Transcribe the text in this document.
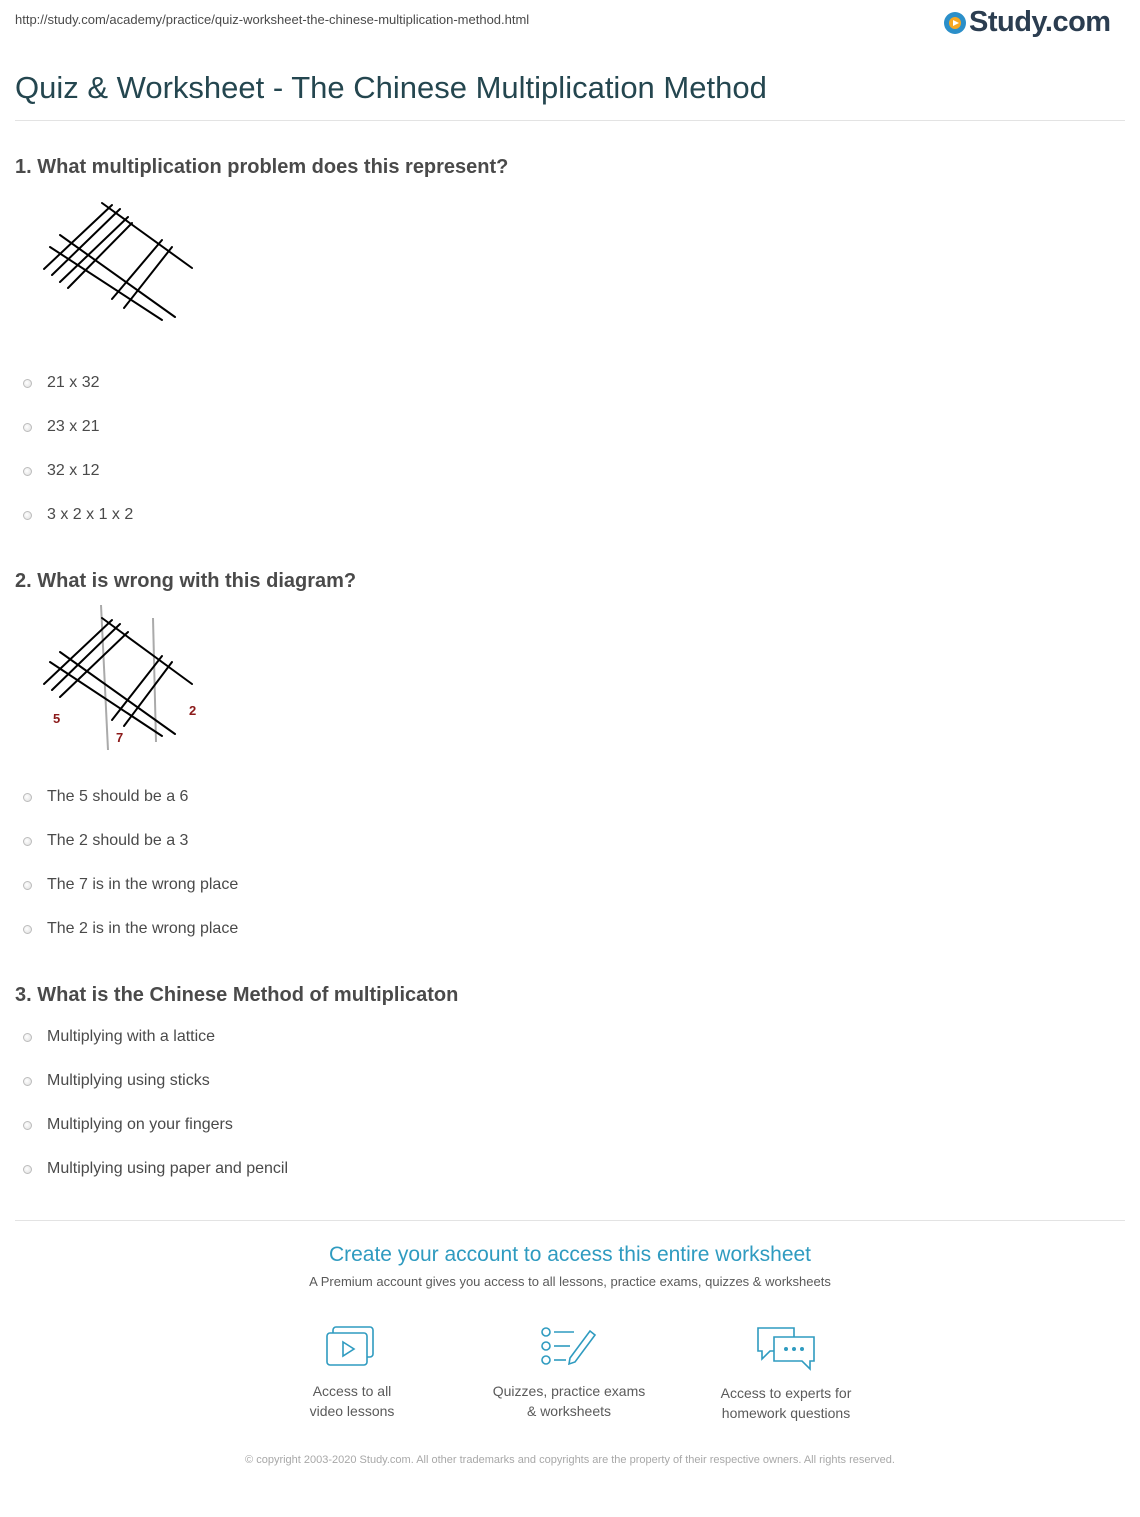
http://study.com/academy/practice/quiz-worksheet-the-chinese-multiplication-method.html	Study.com
Quiz & Worksheet - The Chinese Multiplication Method
1. What multiplication problem does this represent?
21 x 32
23 x 21
32 x 12
3 x 2 x 1 x 2
2. What is wrong with this diagram?
5
7
2
The 5 should be a 6
The 2 should be a 3
The 7 is in the wrong place
The 2 is in the wrong place
3. What is the Chinese Method of multiplicaton
Multiplying with a lattice
Multiplying using sticks
Multiplying on your fingers
Multiplying using paper and pencil
Create your account to access this entire worksheet
A Premium account gives you access to all lessons, practice exams, quizzes & worksheets
Access to all
video lessons
Quizzes, practice exams
& worksheets
Access to experts for
homework questions
© copyright 2003-2020 Study.com. All other trademarks and copyrights are the property of their respective owners. All rights reserved.
